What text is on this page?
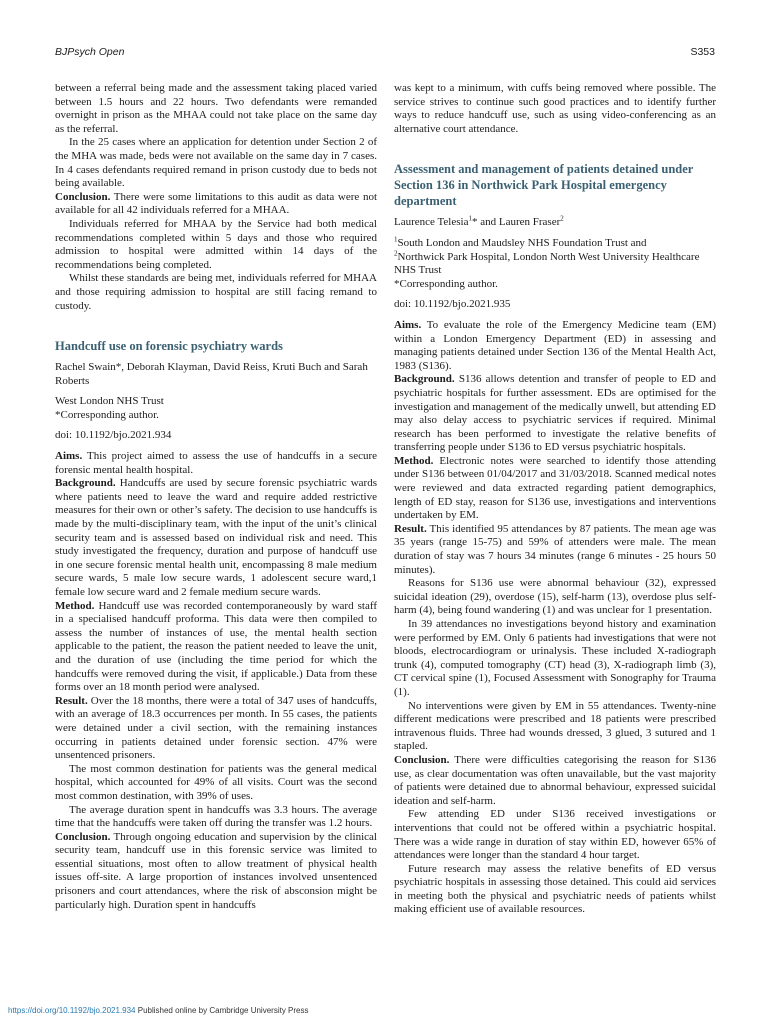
BJPsych Open	S353

between a referral being made and the assessment taking placed varied between 1.5 hours and 22 hours. Two defendants were remanded overnight in prison as the MHAA could not take place on the same day as the referral.

In the 25 cases where an application for detention under Section 2 of the MHA was made, beds were not available on the same day in 7 cases. In 4 cases defendants required remand in prison custody due to beds not being available.

Conclusion. There were some limitations to this audit as data were not available for all 42 individuals referred for a MHAA.

Individuals referred for MHAA by the Service had both medical recommendations completed within 5 days and those who required admission to hospital were admitted within 14 days of the recommendations being completed.

Whilst these standards are being met, individuals referred for MHAA and those requiring admission to hospital are still facing remand to custody.

Handcuff use on forensic psychiatry wards

Rachel Swain*, Deborah Klayman, David Reiss, Kruti Buch and Sarah Roberts

West London NHS Trust

*Corresponding author.

doi: 10.1192/bjo.2021.934

Aims. This project aimed to assess the use of handcuffs in a secure forensic mental health hospital.

Background. Handcuffs are used by secure forensic psychiatric wards where patients need to leave the ward and require added restrictive measures for their own or other’s safety. The decision to use handcuffs is made by the multi-disciplinary team, with the input of the unit’s clinical security team and is assessed based on individual risk and need. This study investigated the frequency, duration and purpose of handcuff use in one secure forensic mental health unit, encompassing 8 male medium secure wards, 5 male low secure wards, 1 adolescent secure ward,1 female low secure ward and 2 female medium secure wards.

Method. Handcuff use was recorded contemporaneously by ward staff in a specialised handcuff proforma. This data were then compiled to assess the number of instances of use, the mental health section applicable to the patient, the reason the patient needed to leave the unit, and the duration of use (including the time period for which the handcuffs were removed during the visit, if applicable.) Data from these forms over an 18 month period were analysed.

Result. Over the 18 months, there were a total of 347 uses of handcuffs, with an average of 18.3 occurrences per month. In 55 cases, the patients were detained under a civil section, with the remaining instances occurring in patients detained under forensic section. 47% were unsentenced prisoners.

The most common destination for patients was the general medical hospital, which accounted for 49% of all visits. Court was the second most common destination, with 39% of uses.

The average duration spent in handcuffs was 3.3 hours. The average time that the handcuffs were taken off during the transfer was 1.2 hours.

Conclusion. Through ongoing education and supervision by the clinical security team, handcuff use in this forensic service was limited to essential situations, most often to allow treatment of physical health issues off-site. A large proportion of instances involved unsentenced prisoners and court attendances, where the risk of absconsion might be particularly high. Duration spent in handcuffs

was kept to a minimum, with cuffs being removed where possible. The service strives to continue such good practices and to identify further ways to reduce handcuff use, such as using video-conferencing as an alternative court attendance.

Assessment and management of patients detained under Section 136 in Northwick Park Hospital emergency department

Laurence Telesia$^1$* and Lauren Fraser$^2$

$^1$South London and Maudsley NHS Foundation Trust and

$^2$Northwick Park Hospital, London North West University Healthcare NHS Trust

*Corresponding author.

doi: 10.1192/bjo.2021.935

Aims. To evaluate the role of the Emergency Medicine team (EM) within a London Emergency Department (ED) in assessing and managing patients detained under Section 136 of the Mental Health Act, 1983 (S136).

Background. S136 allows detention and transfer of people to ED and psychiatric hospitals for further assessment. EDs are optimised for the investigation and management of the medically unwell, but attending ED may also delay access to psychiatric services if required. Minimal research has been performed to investigate the relative benefits of transferring people under S136 to ED versus psychiatric hospitals.

Method. Electronic notes were searched to identify those attending under S136 between 01/04/2017 and 31/03/2018. Scanned medical notes were reviewed and data extracted regarding patient demographics, length of ED stay, reason for S136 use, investigations and interventions undertaken by EM.

Result. This identified 95 attendances by 87 patients. The mean age was 35 years (range 15-75) and 59% of attenders were male. The mean duration of stay was 7 hours 34 minutes (range 6 minutes - 25 hours 50 minutes).

Reasons for S136 use were abnormal behaviour (32), expressed suicidal ideation (29), overdose (15), self-harm (13), overdose plus self-harm (4), being found wandering (1) and was unclear for 1 presentation.

In 39 attendances no investigations beyond history and examination were performed by EM. Only 6 patients had investigations that were not bloods, electrocardiogram or urinalysis. These included X-radiograph trunk (4), computed tomography (CT) head (3), X-radiograph limb (3), CT cervical spine (1), Focused Assessment with Sonography for Trauma (1).

No interventions were given by EM in 55 attendances. Twenty-nine different medications were prescribed and 18 patients were prescribed intravenous fluids. Three had wounds dressed, 3 glued, 3 sutured and 1 stapled.

Conclusion. There were difficulties categorising the reason for S136 use, as clear documentation was often unavailable, but the vast majority of patients were detained due to abnormal behaviour, expressed suicidal ideation and self-harm.

Few attending ED under S136 received investigations or interventions that could not be offered within a psychiatric hospital. There was a wide range in duration of stay within ED, however 65% of attendances were longer than the standard 4 hour target.

Future research may assess the relative benefits of ED versus psychiatric hospitals in assessing those detained. This could aid services in meeting both the physical and psychiatric needs of patients whilst making efficient use of available resources.

https://doi.org/10.1192/bjo.2021.934 Published online by Cambridge University Press
